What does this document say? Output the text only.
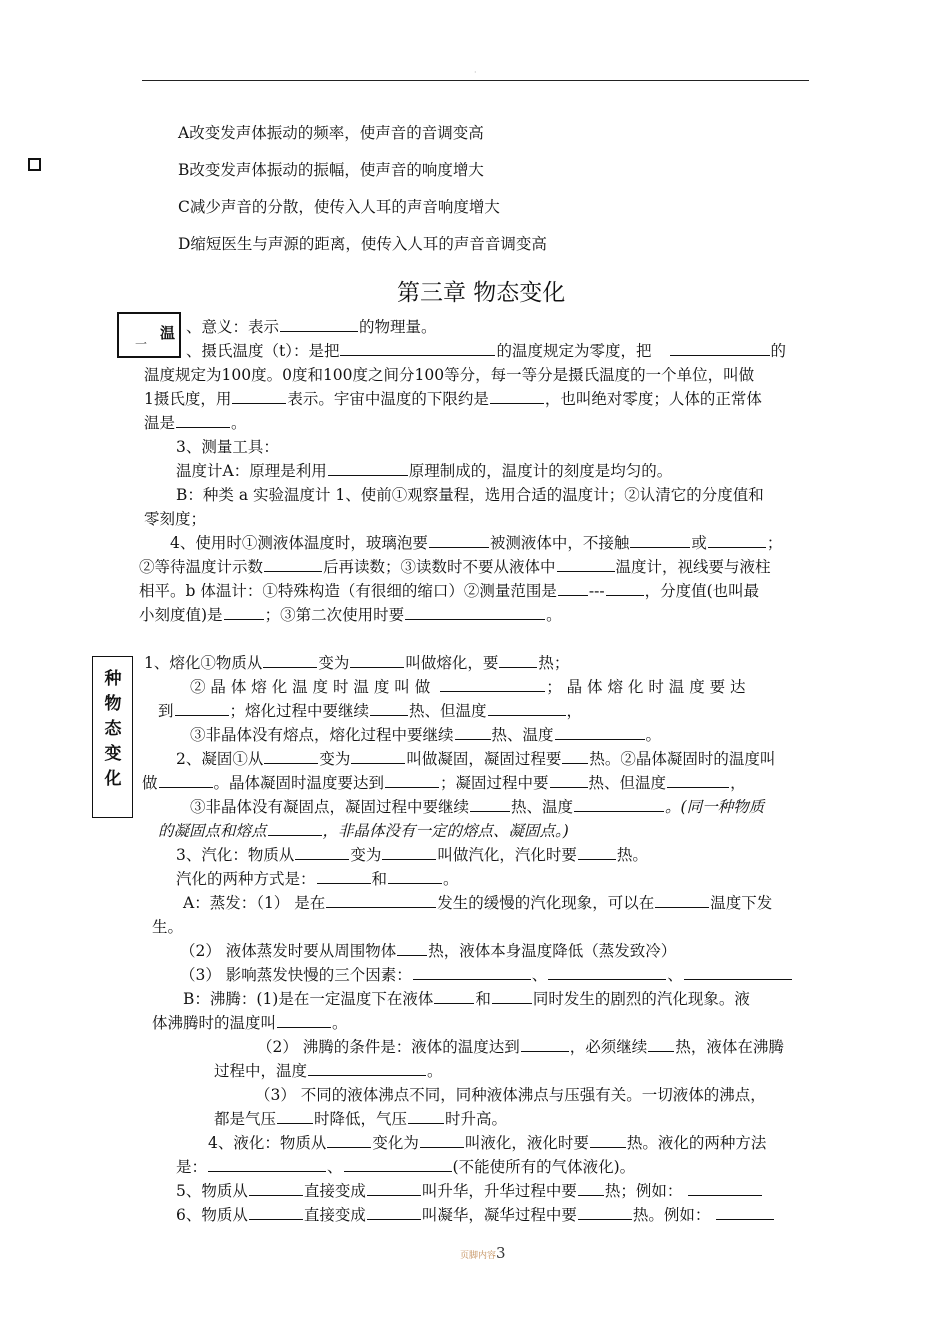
·
A改变发声体振动的频率，使声音的音调变高
B改变发声体振动的振幅，使声音的响度增大
C减少声音的分散，使传入人耳的声音响度增大
D缩短医生与声源的距离，使传入人耳的声音音调变高
第三章 物态变化
温
一
、意义：表示	的物理量。
、摄氏温度（t）：是把	的温度规定为零度，把	的
温度规定为100度。0度和100度之间分100等分，每一等分是摄氏温度的一个单位，叫做
1摄氏度，用	表示。宇宙中温度的下限约是	，也叫绝对零度；人体的正常体
温是	。
3、测量工具：
温度计A：原理是利用	原理制成的，温度计的刻度是均匀的。
B：种类 a 实验温度计 1、使前①观察量程，选用合适的温度计；②认清它的分度值和
零刻度；
4、使用时①测液体温度时，玻璃泡要	被测液体中，不接触	或	；
②等待温度计示数	后再读数；③读数时不要从液体中	温度计，视线要与液柱
相平。b 体温计：①特殊构造（有很细的缩口）②测量范围是 ---	，分度值(也叫最
小刻度值)是	；③第二次使用时要	。
种物态变化
1、熔化①物质从	变为	叫做熔化，要	热；
② 晶 体 熔 化 温 度 时 温 度 叫 做	； 晶 体 熔 化 时 温 度 要 达
到	；熔化过程中要继续	热、但温度	，
③非晶体没有熔点，熔化过程中要继续 热、温度	。
2、凝固①从	变为	叫做凝固，凝固过程要 热。②晶体凝固时的温度叫
做	。晶体凝固时温度要达到	；凝固过程中要	热、但温度	，
③非晶体没有凝固点，凝固过程中要继续	热、温度	。(同一种物质
的凝固点和熔点	，非晶体没有一定的熔点、凝固点。)
3、汽化：物质从	变为	叫做汽化，汽化时要	热。
汽化的两种方式是：	和	。
A：蒸发：（1） 是在	发生的缓慢的汽化现象，可以在	温度下发
生。
（2） 液体蒸发时要从周围物体 热，液体本身温度降低（蒸发致冷）
（3） 影响蒸发快慢的三个因素：	、	、
B：沸腾：(1)是在一定温度下在液体	和	同时发生的剧烈的汽化现象。液
体沸腾时的温度叫	。
（2） 沸腾的条件是：液体的温度达到	，必须继续 热，液体在沸腾
过程中，温度	。
（3） 不同的液体沸点不同，同种液体沸点与压强有关。一切液体的沸点，
都是气压 时降低，气压 时升高。
4、液化：物质从	变化为	叫液化，液化时要 热。液化的两种方法
是：	、	(不能使所有的气体液化)。
5、物质从	直接变成	叫升华，升华过程中要 热；例如：
6、物质从	直接变成	叫凝华，凝华过程中要	热。例如：
页脚内容3
